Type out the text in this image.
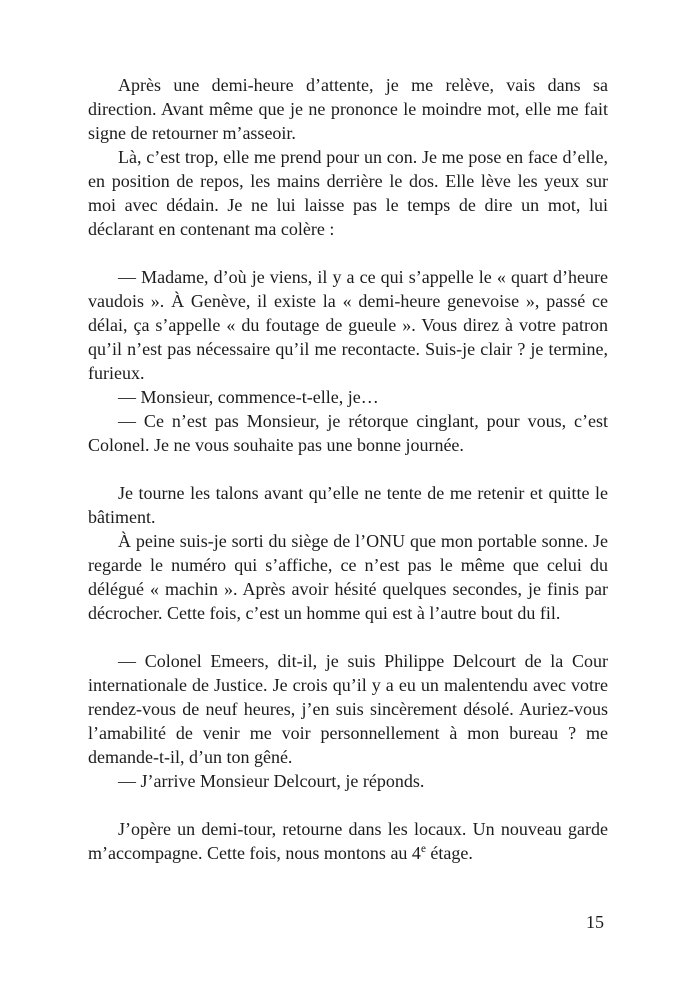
Après une demi-heure d’attente, je me relève, vais dans sa direction. Avant même que je ne prononce le moindre mot, elle me fait signe de retourner m’asseoir.

Là, c’est trop, elle me prend pour un con. Je me pose en face d’elle, en position de repos, les mains derrière le dos. Elle lève les yeux sur moi avec dédain. Je ne lui laisse pas le temps de dire un mot, lui déclarant en contenant ma colère :

— Madame, d’où je viens, il y a ce qui s’appelle le « quart d’heure vaudois ». À Genève, il existe la « demi-heure genevoise », passé ce délai, ça s’appelle « du foutage de gueule ». Vous direz à votre patron qu’il n’est pas nécessaire qu’il me recontacte. Suis-je clair ? je termine, furieux.

— Monsieur, commence-t-elle, je…

— Ce n’est pas Monsieur, je rétorque cinglant, pour vous, c’est Colonel. Je ne vous souhaite pas une bonne journée.

Je tourne les talons avant qu’elle ne tente de me retenir et quitte le bâtiment.

À peine suis-je sorti du siège de l’ONU que mon portable sonne. Je regarde le numéro qui s’affiche, ce n’est pas le même que celui du délégué « machin ». Après avoir hésité quelques secondes, je finis par décrocher. Cette fois, c’est un homme qui est à l’autre bout du fil.

— Colonel Emeers, dit-il, je suis Philippe Delcourt de la Cour internationale de Justice. Je crois qu’il y a eu un malentendu avec votre rendez-vous de neuf heures, j’en suis sincèrement désolé. Auriez-vous l’amabilité de venir me voir personnellement à mon bureau ? me demande-t-il, d’un ton gêné.

— J’arrive Monsieur Delcourt, je réponds.

J’opère un demi-tour, retourne dans les locaux. Un nouveau garde m’accompagne. Cette fois, nous montons au 4e étage.

15
